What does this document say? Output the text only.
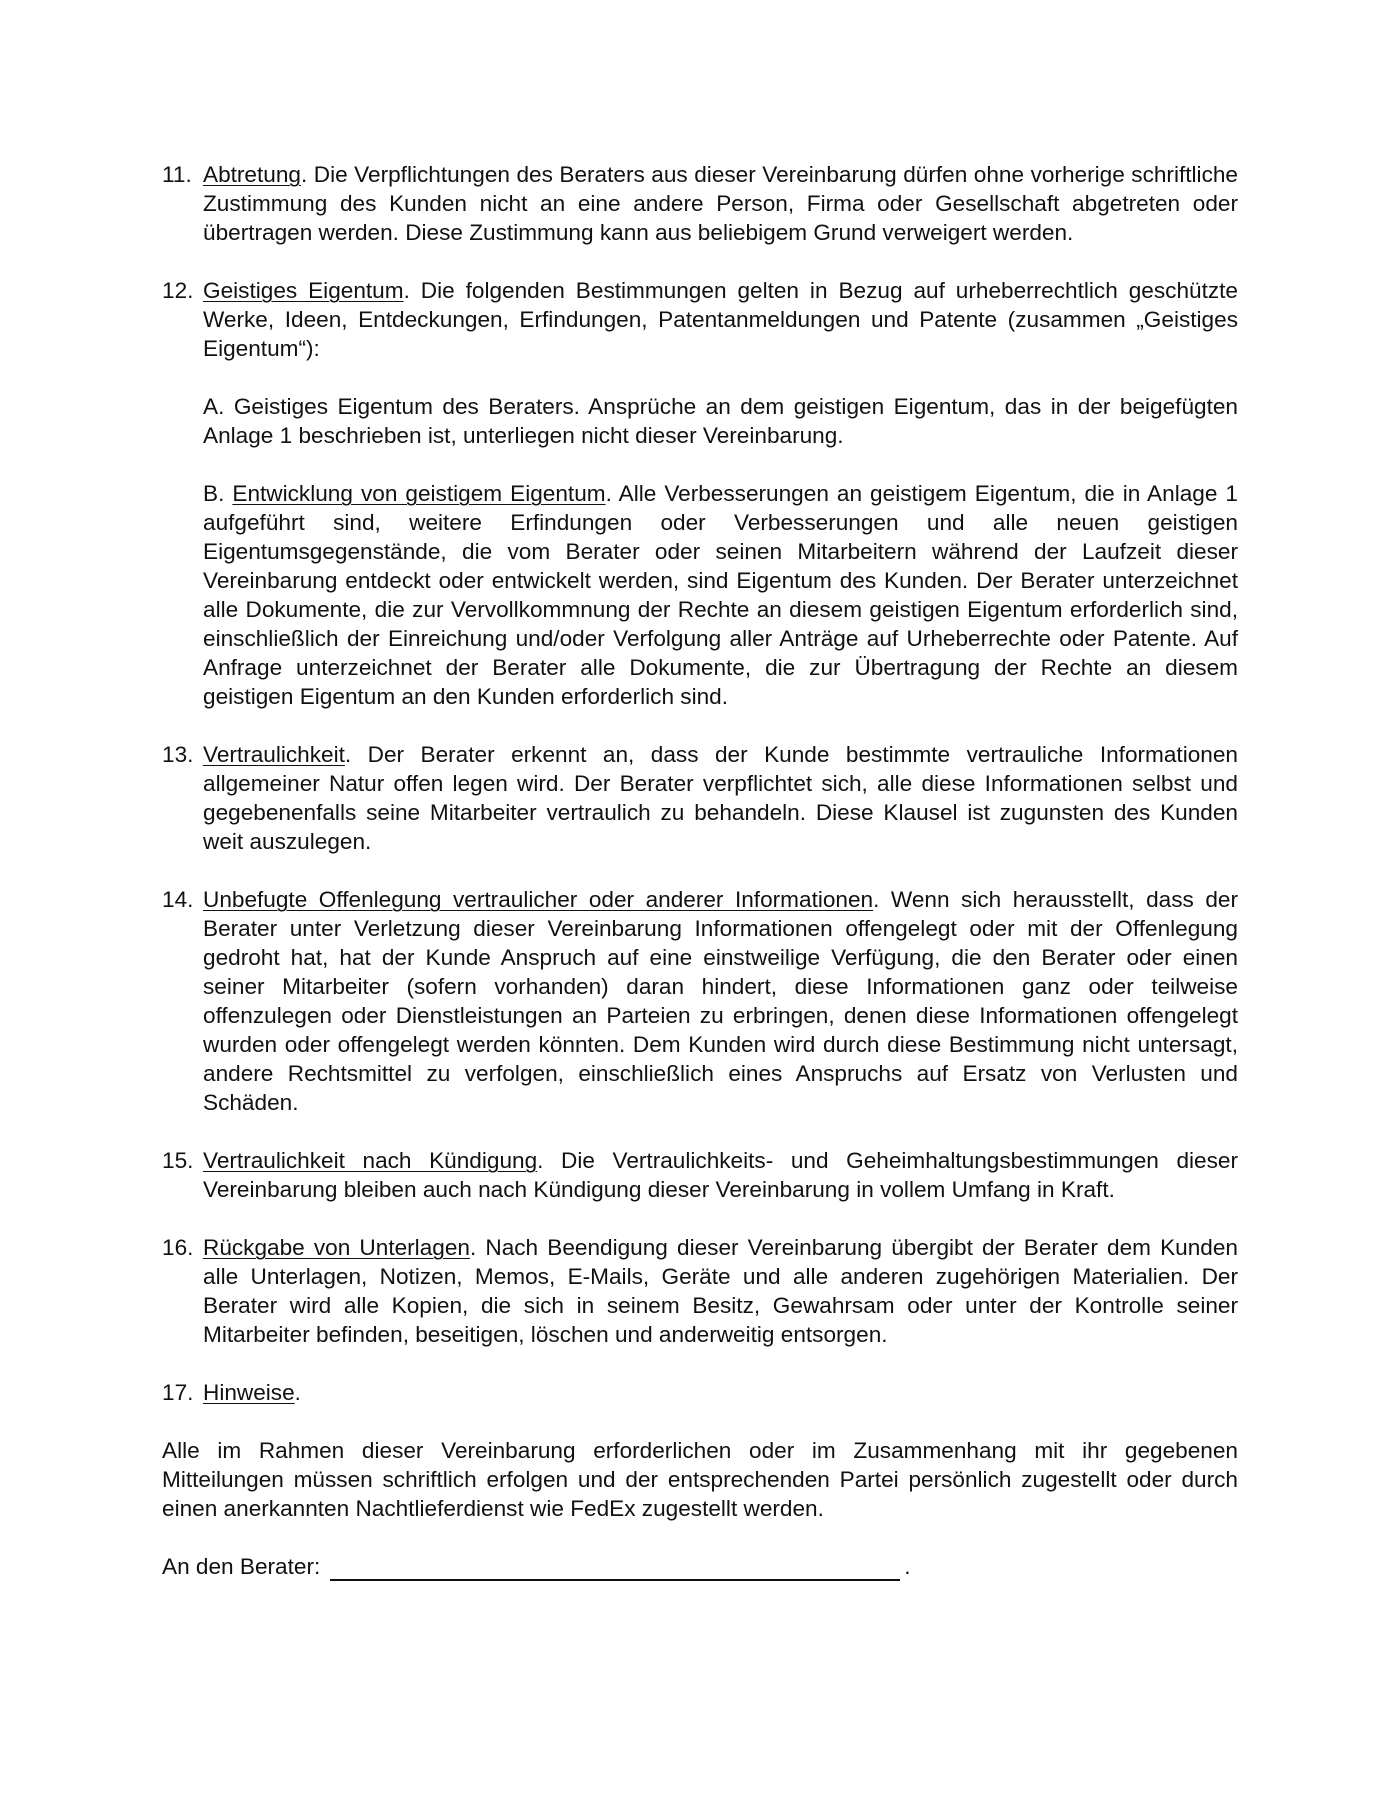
11. Abtretung. Die Verpflichtungen des Beraters aus dieser Vereinbarung dürfen ohne vorherige schriftliche Zustimmung des Kunden nicht an eine andere Person, Firma oder Gesellschaft abgetreten oder übertragen werden. Diese Zustimmung kann aus beliebigem Grund verweigert werden.
12. Geistiges Eigentum. Die folgenden Bestimmungen gelten in Bezug auf urheberrechtlich geschützte Werke, Ideen, Entdeckungen, Erfindungen, Patentanmeldungen und Patente (zusammen „Geistiges Eigentum“):
A. Geistiges Eigentum des Beraters. Ansprüche an dem geistigen Eigentum, das in der beigefügten Anlage 1 beschrieben ist, unterliegen nicht dieser Vereinbarung.
B. Entwicklung von geistigem Eigentum. Alle Verbesserungen an geistigem Eigentum, die in Anlage 1 aufgeführt sind, weitere Erfindungen oder Verbesserungen und alle neuen geistigen Eigentumsgegenstände, die vom Berater oder seinen Mitarbeitern während der Laufzeit dieser Vereinbarung entdeckt oder entwickelt werden, sind Eigentum des Kunden. Der Berater unterzeichnet alle Dokumente, die zur Vervollkommnung der Rechte an diesem geistigen Eigentum erforderlich sind, einschließlich der Einreichung und/oder Verfolgung aller Anträge auf Urheberrechte oder Patente. Auf Anfrage unterzeichnet der Berater alle Dokumente, die zur Übertragung der Rechte an diesem geistigen Eigentum an den Kunden erforderlich sind.
13. Vertraulichkeit. Der Berater erkennt an, dass der Kunde bestimmte vertrauliche Informationen allgemeiner Natur offen legen wird. Der Berater verpflichtet sich, alle diese Informationen selbst und gegebenenfalls seine Mitarbeiter vertraulich zu behandeln. Diese Klausel ist zugunsten des Kunden weit auszulegen.
14. Unbefugte Offenlegung vertraulicher oder anderer Informationen. Wenn sich herausstellt, dass der Berater unter Verletzung dieser Vereinbarung Informationen offengelegt oder mit der Offenlegung gedroht hat, hat der Kunde Anspruch auf eine einstweilige Verfügung, die den Berater oder einen seiner Mitarbeiter (sofern vorhanden) daran hindert, diese Informationen ganz oder teilweise offenzulegen oder Dienstleistungen an Parteien zu erbringen, denen diese Informationen offengelegt wurden oder offengelegt werden könnten. Dem Kunden wird durch diese Bestimmung nicht untersagt, andere Rechtsmittel zu verfolgen, einschließlich eines Anspruchs auf Ersatz von Verlusten und Schäden.
15. Vertraulichkeit nach Kündigung. Die Vertraulichkeits- und Geheimhaltungsbestimmungen dieser Vereinbarung bleiben auch nach Kündigung dieser Vereinbarung in vollem Umfang in Kraft.
16. Rückgabe von Unterlagen. Nach Beendigung dieser Vereinbarung übergibt der Berater dem Kunden alle Unterlagen, Notizen, Memos, E-Mails, Geräte und alle anderen zugehörigen Materialien. Der Berater wird alle Kopien, die sich in seinem Besitz, Gewahrsam oder unter der Kontrolle seiner Mitarbeiter befinden, beseitigen, löschen und anderweitig entsorgen.
17. Hinweise.
Alle im Rahmen dieser Vereinbarung erforderlichen oder im Zusammenhang mit ihr gegebenen Mitteilungen müssen schriftlich erfolgen und der entsprechenden Partei persönlich zugestellt oder durch einen anerkannten Nachtlieferdienst wie FedEx zugestellt werden.
An den Berater:	.
